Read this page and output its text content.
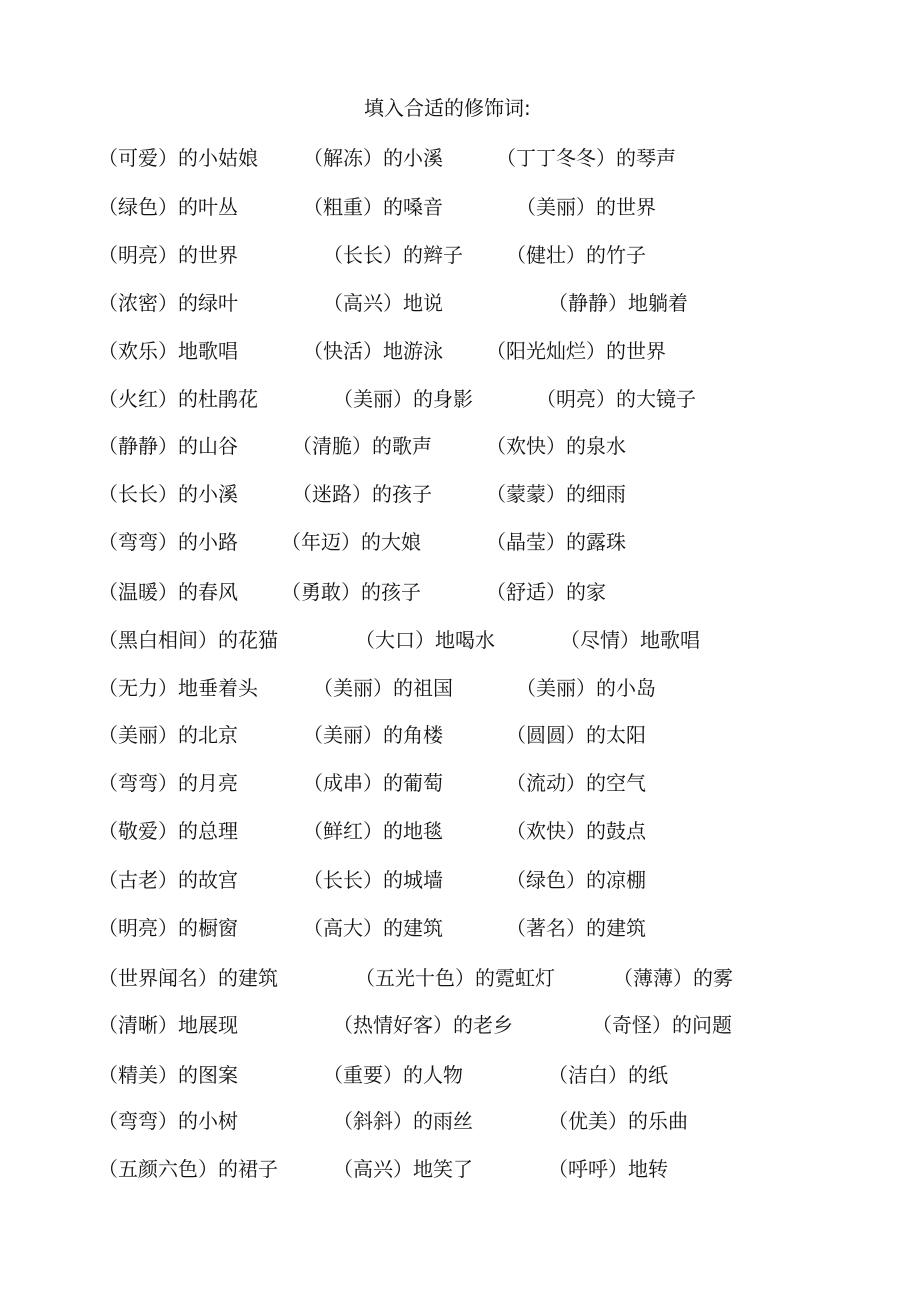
填入合适的修饰词:
（可爱）的小姑娘 （解冻）的小溪	（丁丁冬冬）的琴声
（绿色）的叶丛	（粗重）的嗓音	（美丽）的世界
（明亮）的世界	（长长）的辫子 （健壮）的竹子
（浓密）的绿叶	（高兴）地说	（静静）地躺着
（欢乐）地歌唱	（快活）地游泳 （阳光灿烂）的世界
（火红）的杜鹃花	（美丽）的身影	（明亮）的大镜子
（静静）的山谷	（清脆）的歌声	（欢快）的泉水
（长长）的小溪	（迷路）的孩子	（蒙蒙）的细雨
（弯弯）的小路 （年迈）的大娘	（晶莹）的露珠
（温暖）的春风 （勇敢）的孩子	（舒适）的家
（黑白相间）的花猫	（大口）地喝水	（尽情）地歌唱
（无力）地垂着头	（美丽）的祖国	（美丽）的小岛
（美丽）的北京	（美丽）的角楼	（圆圆）的太阳
（弯弯）的月亮	（成串）的葡萄	（流动）的空气
（敬爱）的总理	（鲜红）的地毯	（欢快）的鼓点
（古老）的故宫	（长长）的城墙	（绿色）的凉棚
（明亮）的橱窗	（高大）的建筑	（著名）的建筑
（世界闻名）的建筑	（五光十色）的霓虹灯	（薄薄）的雾
（清晰）地展现	（热情好客）的老乡	（奇怪）的问题
（精美）的图案	（重要）的人物	（洁白）的纸
（弯弯）的小树	（斜斜）的雨丝	（优美）的乐曲
（五颜六色）的裙子	（高兴）地笑了	（呼呼）地转
